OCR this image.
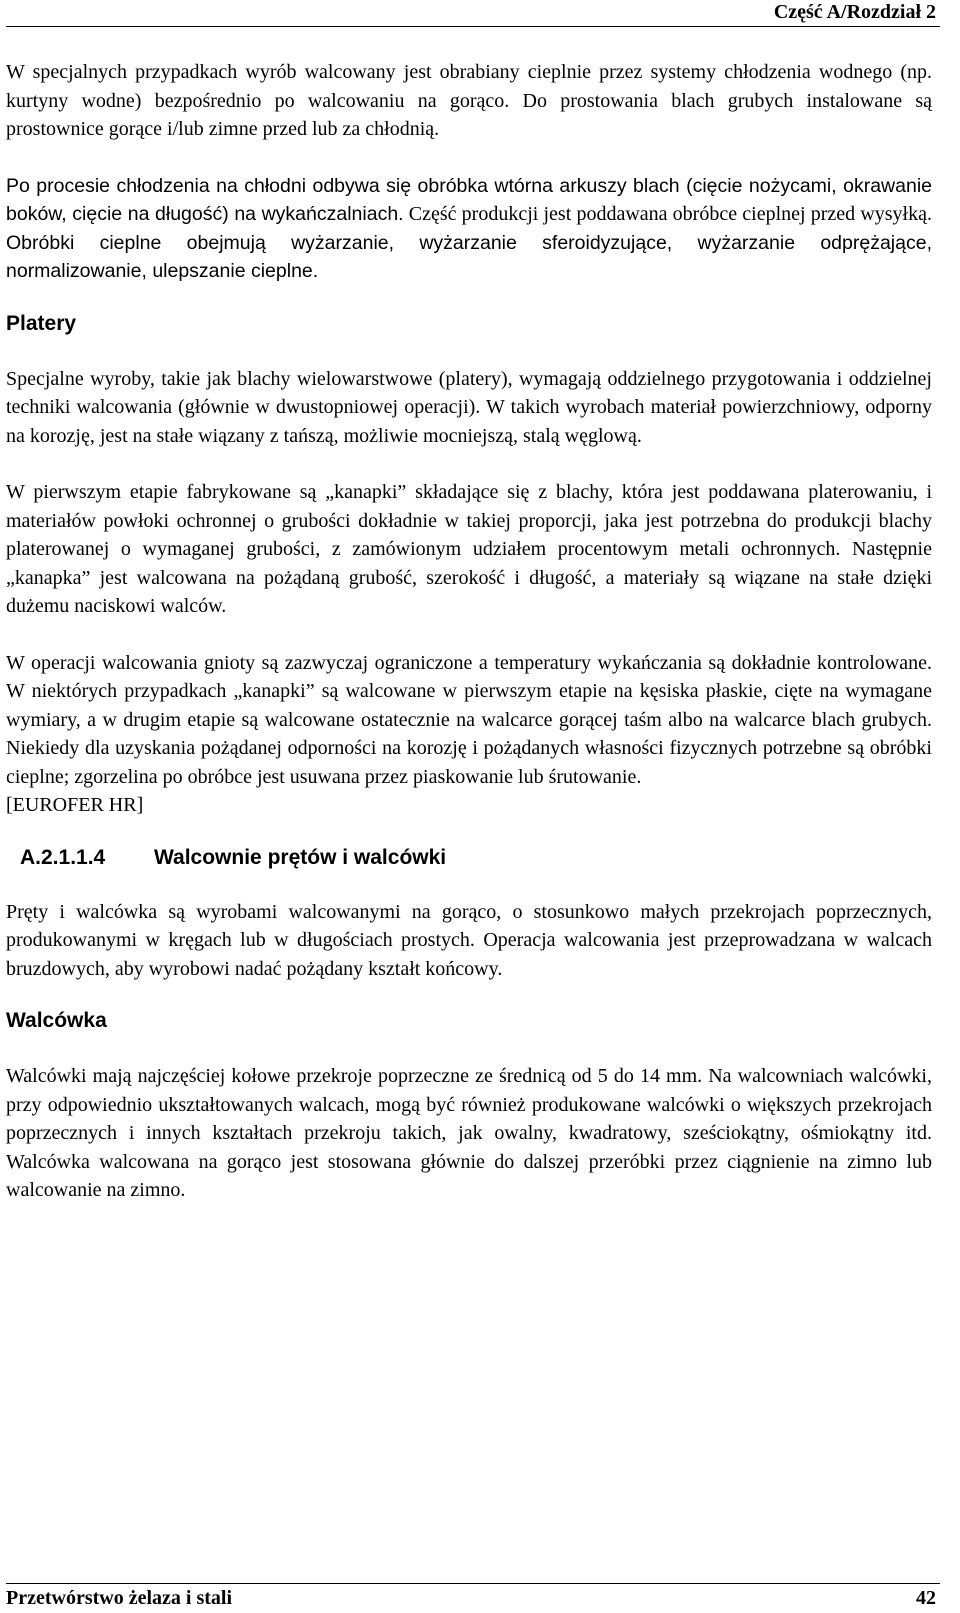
Część A/Rozdział 2

W specjalnych przypadkach wyrób walcowany jest obrabiany cieplnie przez systemy chłodzenia wodnego (np. kurtyny wodne) bezpośrednio po walcowaniu na gorąco. Do prostowania blach grubych instalowane są prostownice gorące i/lub zimne przed lub za chłodnią.

Po procesie chłodzenia na chłodni odbywa się obróbka wtórna arkuszy blach (cięcie nożycami, okrawanie boków, cięcie na długość) na wykańczalniach. Część produkcji jest poddawana obróbce cieplnej przed wysyłką. Obróbki cieplne obejmują wyżarzanie, wyżarzanie sferoidyzujące, wyżarzanie odprężające, normalizowanie, ulepszanie cieplne.

Platery

Specjalne wyroby, takie jak blachy wielowarstwowe (platery), wymagają oddzielnego przygotowania i oddzielnej techniki walcowania (głównie w dwustopniowej operacji). W takich wyrobach materiał powierzchniowy, odporny na korozję, jest na stałe wiązany z tańszą, możliwie mocniejszą, stalą węglową.

W pierwszym etapie fabrykowane są „kanapki” składające się z blachy, która jest poddawana platerowaniu, i materiałów powłoki ochronnej o grubości dokładnie w takiej proporcji, jaka jest potrzebna do produkcji blachy platerowanej o wymaganej grubości, z zamówionym udziałem procentowym metali ochronnych. Następnie „kanapka” jest walcowana na pożądaną grubość, szerokość i długość, a materiały są wiązane na stałe dzięki dużemu naciskowi walców.

W operacji walcowania gnioty są zazwyczaj ograniczone a temperatury wykańczania są dokładnie kontrolowane. W niektórych przypadkach „kanapki” są walcowane w pierwszym etapie na kęsiska płaskie, cięte na wymagane wymiary, a w drugim etapie są walcowane ostatecznie na walcarce gorącej taśm albo na walcarce blach grubych. Niekiedy dla uzyskania pożądanej odporności na korozję i pożądanych własności fizycznych potrzebne są obróbki cieplne; zgorzelina po obróbce jest usuwana przez piaskowanie lub śrutowanie.

[EUROFER HR]

A.2.1.1.4	Walcownie prętów i walcówki

Pręty i walcówka są wyrobami walcowanymi na gorąco, o stosunkowo małych przekrojach poprzecznych, produkowanymi w kręgach lub w długościach prostych. Operacja walcowania jest przeprowadzana w walcach bruzdowych, aby wyrobowi nadać pożądany kształt końcowy.

Walcówka

Walcówki mają najczęściej kołowe przekroje poprzeczne ze średnicą od 5 do 14 mm. Na walcowniach walcówki, przy odpowiednio ukształtowanych walcach, mogą być również produkowane walcówki o większych przekrojach poprzecznych i innych kształtach przekroju takich, jak owalny, kwadratowy, sześciokątny, ośmiokątny itd. Walcówka walcowana na gorąco jest stosowana głównie do dalszej przeróbki przez ciągnienie na zimno lub walcowanie na zimno.

Przetwórstwo żelaza i stali	42
